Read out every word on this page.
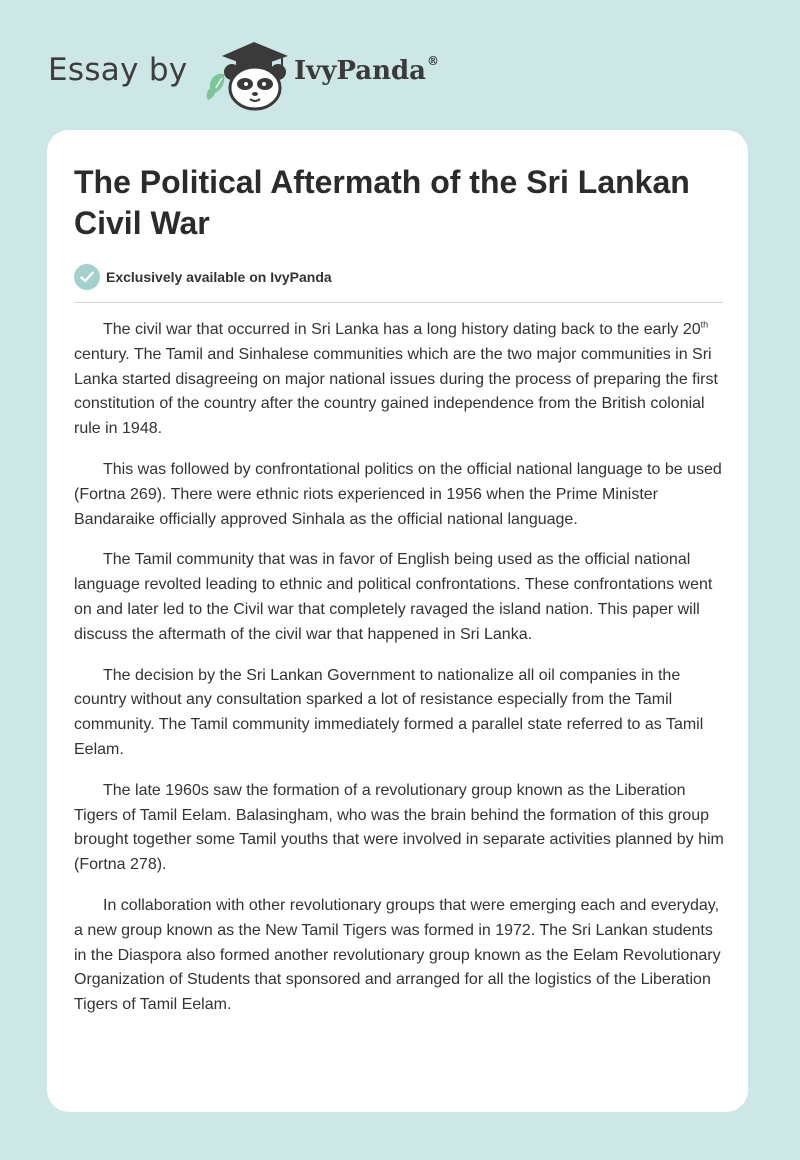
Essay by	IvyPanda®
The Political Aftermath of the Sri Lankan Civil War
Exclusively available on IvyPanda

The civil war that occurred in Sri Lanka has a long history dating back to the early 20th century. The Tamil and Sinhalese communities which are the two major communities in Sri Lanka started disagreeing on major national issues during the process of preparing the first constitution of the country after the country gained independence from the British colonial rule in 1948.

This was followed by confrontational politics on the official national language to be used (Fortna 269). There were ethnic riots experienced in 1956 when the Prime Minister Bandaraike officially approved Sinhala as the official national language.

The Tamil community that was in favor of English being used as the official national language revolted leading to ethnic and political confrontations. These confrontations went on and later led to the Civil war that completely ravaged the island nation. This paper will discuss the aftermath of the civil war that happened in Sri Lanka.

The decision by the Sri Lankan Government to nationalize all oil companies in the country without any consultation sparked a lot of resistance especially from the Tamil community. The Tamil community immediately formed a parallel state referred to as Tamil Eelam.

The late 1960s saw the formation of a revolutionary group known as the Liberation Tigers of Tamil Eelam. Balasingham, who was the brain behind the formation of this group brought together some Tamil youths that were involved in separate activities planned by him (Fortna 278).

In collaboration with other revolutionary groups that were emerging each and everyday, a new group known as the New Tamil Tigers was formed in 1972. The Sri Lankan students in the Diaspora also formed another revolutionary group known as the Eelam Revolutionary Organization of Students that sponsored and arranged for all the logistics of the Liberation Tigers of Tamil Eelam.
